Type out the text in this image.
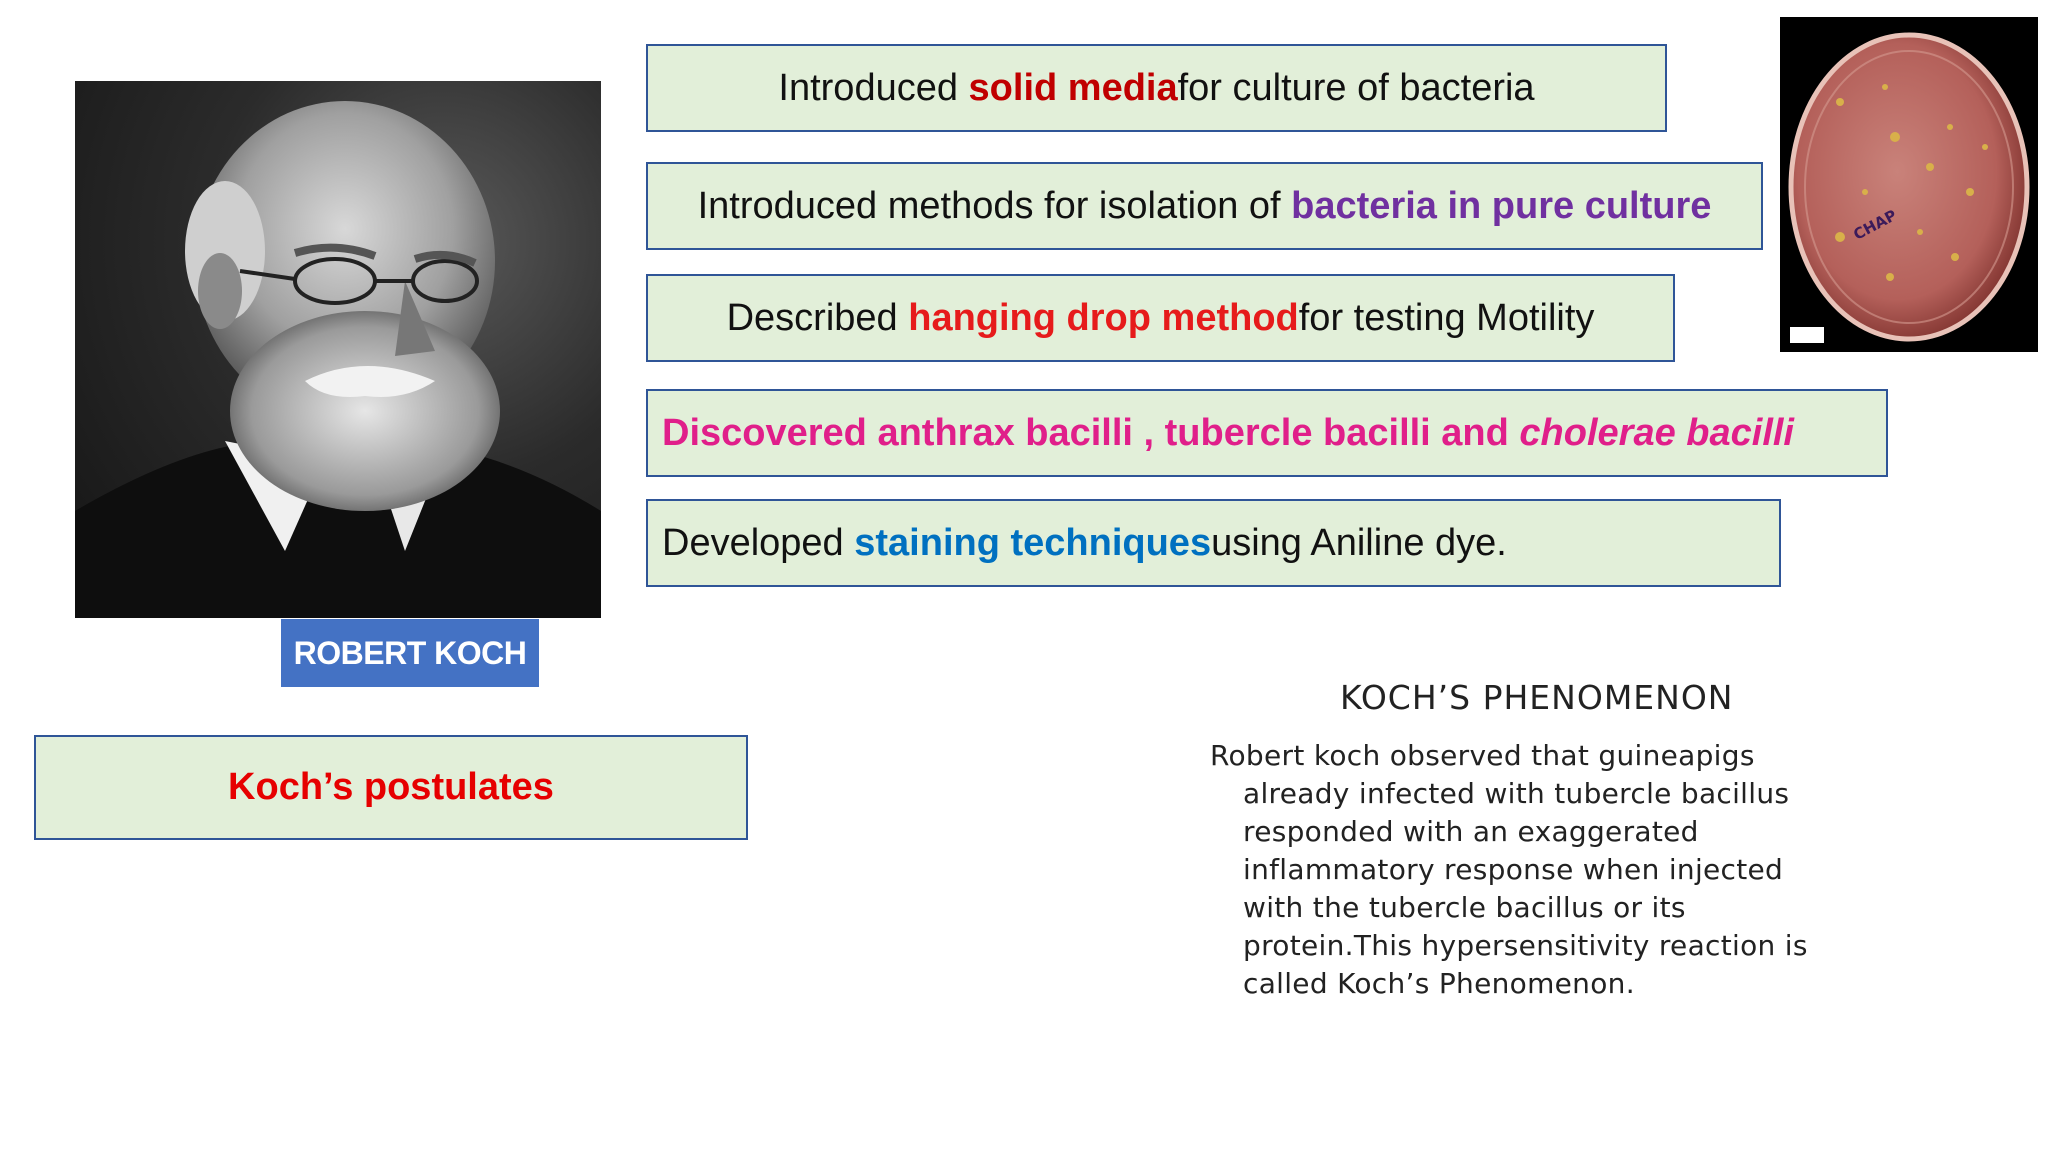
ROBERT KOCH
Introduced
solid media for culture of bacteria
Introduced methods for isolation of
bacteria in pure culture
Described
hanging drop method for testing Motility
Discovered anthrax bacilli , tubercle bacilli and
cholerae bacilli
Developed
staining techniques using Aniline dye.
Koch’s postulates
CHAP
KOCH’S PHENOMENON
Robert koch observed that guineapigs
already infected with tubercle bacillus
responded with an exaggerated
inflammatory response when injected
with the tubercle bacillus or its
protein.This hypersensitivity reaction is
called Koch’s Phenomenon.
